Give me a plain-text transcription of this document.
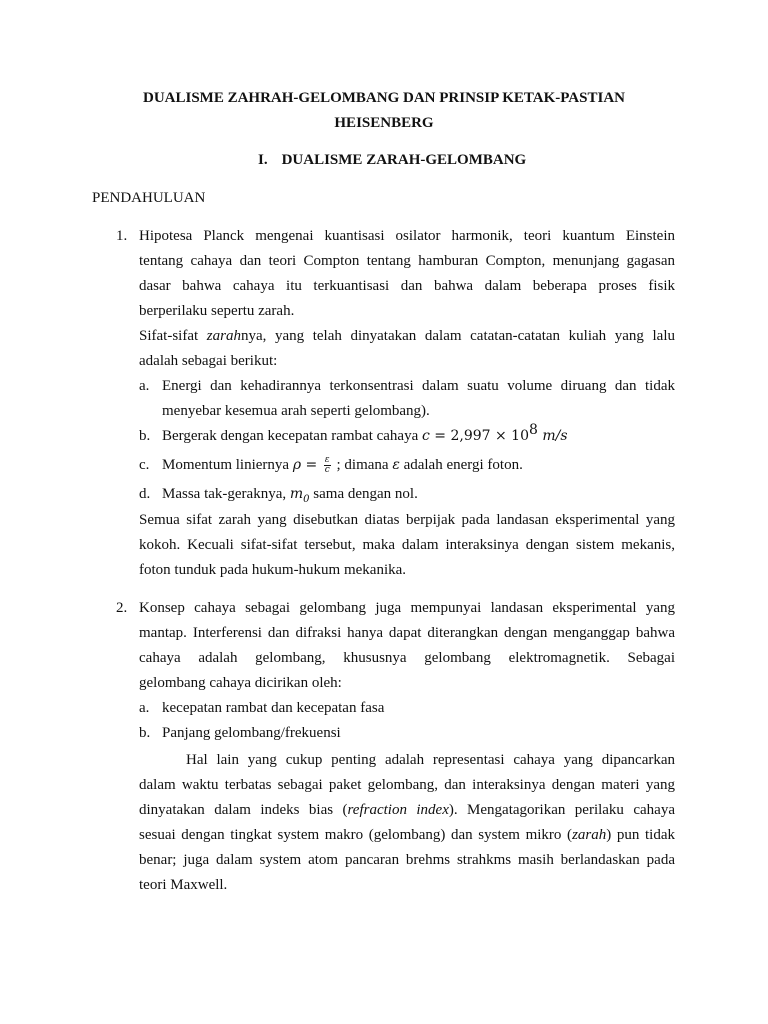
DUALISME ZAHRAH-GELOMBANG DAN PRINSIP KETAK-PASTIAN
HEISENBERG
I. DUALISME ZARAH-GELOMBANG
PENDAHULUAN
1. Hipotesa Planck mengenai kuantisasi osilator harmonik, teori kuantum Einstein
tentang cahaya dan teori Compton tentang hamburan Compton, menunjang gagasan
dasar bahwa cahaya itu terkuantisasi dan bahwa dalam beberapa proses fisik
berperilaku sepertu zarah.
Sifat-sifat zarahnya, yang telah dinyatakan dalam catatan-catatan kuliah yang lalu
adalah sebagai berikut:
a. Energi dan kehadirannya terkonsentrasi dalam suatu volume diruang dan tidak
menyebar kesemua arah seperti gelombang).
b. Bergerak dengan kecepatan rambat cahaya $c = 2,997 \times 10^8$ m/s
c. Momentum liniernya $\rho = \frac{\varepsilon}{c}$ ; dimana ε adalah energi foton.
d. Massa tak-geraknya, $m_0$ sama dengan nol.
Semua sifat zarah yang disebutkan diatas berpijak pada landasan eksperimental yang
kokoh. Kecuali sifat-sifat tersebut, maka dalam interaksinya dengan sistem mekanis,
foton tunduk pada hukum-hukum mekanika.
2. Konsep cahaya sebagai gelombang juga mempunyai landasan eksperimental yang
mantap. Interferensi dan difraksi hanya dapat diterangkan dengan menganggap bahwa
cahaya adalah gelombang, khususnya gelombang elektromagnetik. Sebagai
gelombang cahaya dicirikan oleh:
a. kecepatan rambat dan kecepatan fasa
b. Panjang gelombang/frekuensi
Hal lain yang cukup penting adalah representasi cahaya yang dipancarkan
dalam waktu terbatas sebagai paket gelombang, dan interaksinya dengan materi yang
dinyatakan dalam indeks bias (refraction index). Mengatagorikan perilaku cahaya
sesuai dengan tingkat system makro (gelombang) dan system mikro (zarah) pun tidak
benar; juga dalam system atom pancaran brehms strahkms masih berlandaskan pada
teori Maxwell.
